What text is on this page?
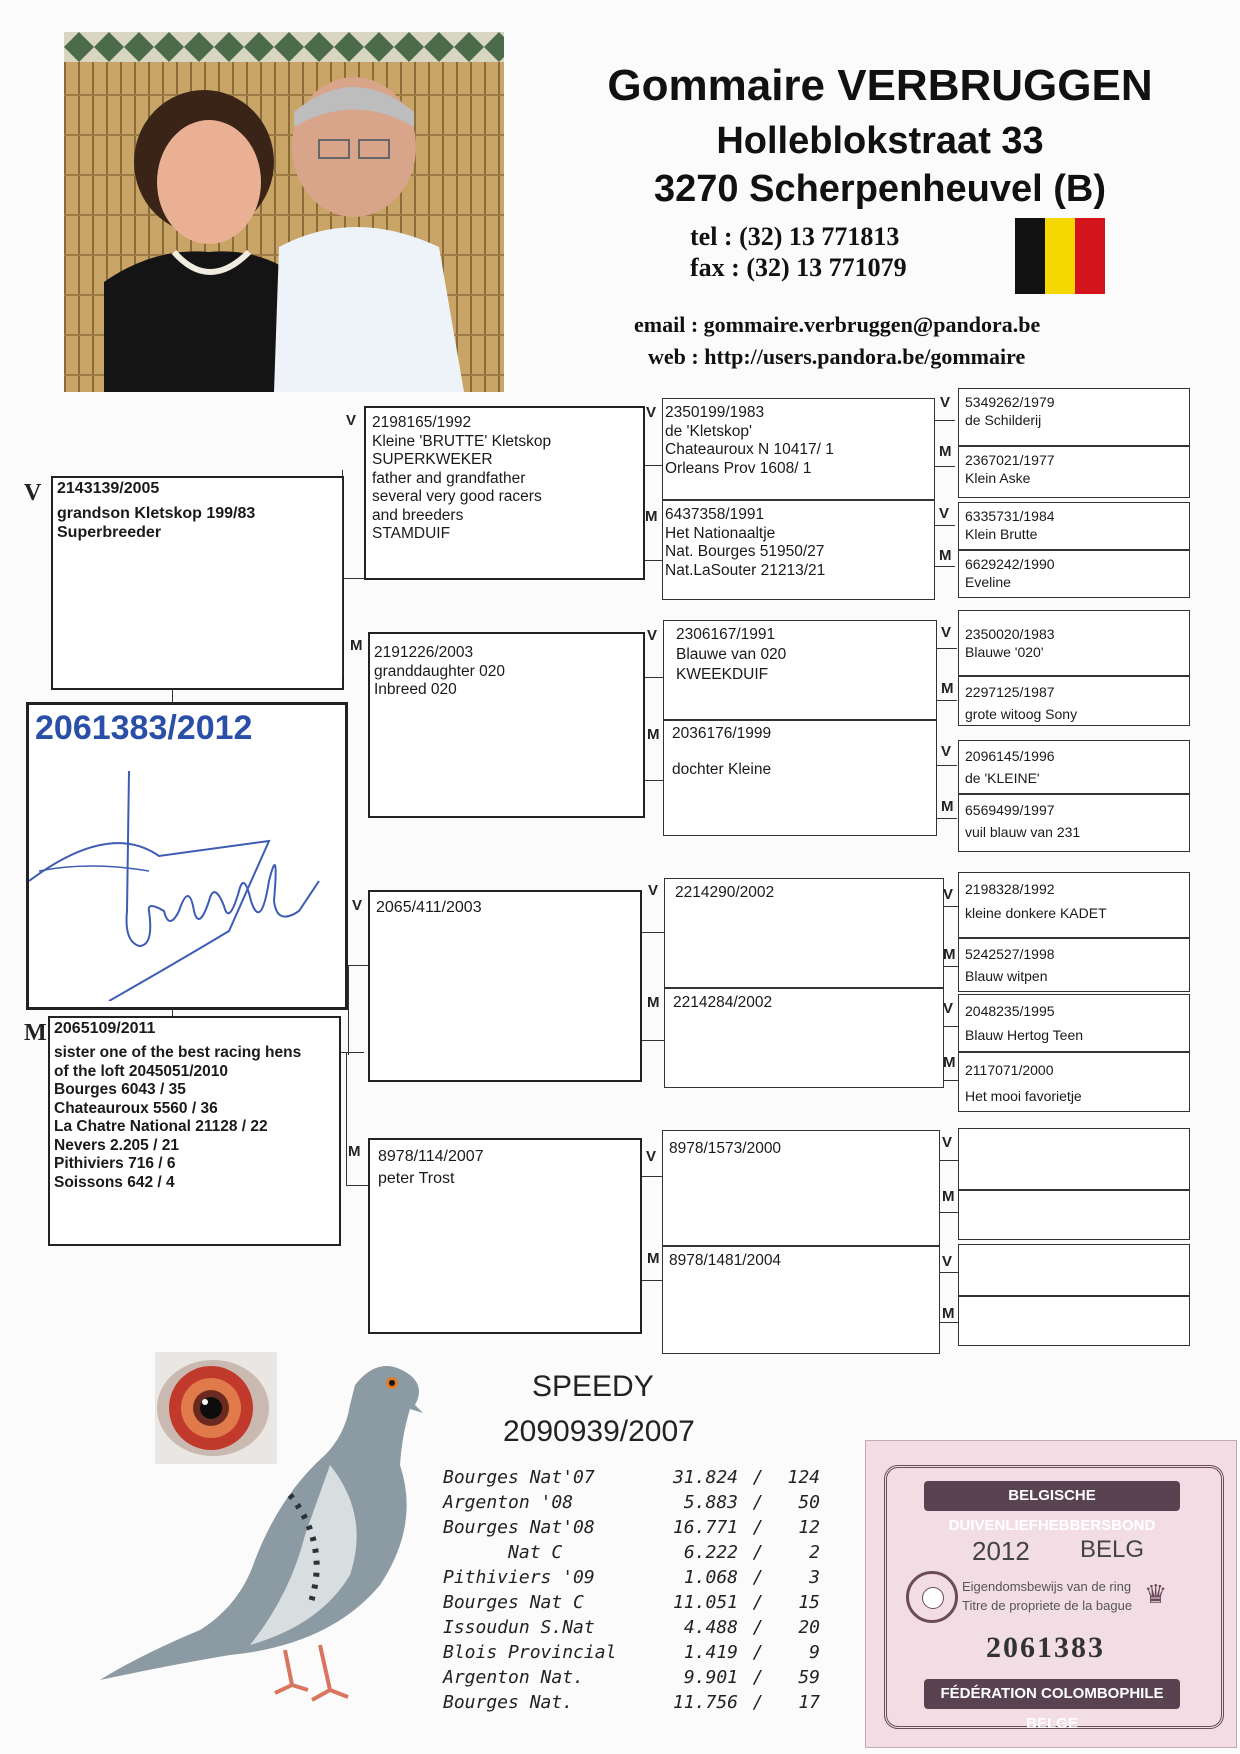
Gommaire VERBRUGGEN
Holleblokstraat 33
3270 Scherpenheuvel (B)
tel : (32) 13 771813
fax : (32) 13 771079
email : gommaire.verbruggen@pandora.be
web : http://users.pandora.be/gommaire
V 2143139/2005
grandson Kletskop 199/83
Superbreeder
2061383/2012
M 2065109/2011
sister one of the best racing hens
of the loft 2045051/2010
Bourges 6043 / 35
Chateauroux 5560 / 36
La Chatre National 21128 / 22
Nevers 2.205 / 21
Pithiviers 716 / 6
Soissons 642 / 4
V	2198165/1992
Kleine 'BRUTTE' Kletskop
SUPERKWEKER
father and grandfather
several very good racers
and breeders
STAMDUIF
M 2191226/2003
granddaughter 020
Inbreed 020
V 2065/411/2003
M	8978/114/2007
peter Trost
V 2350199/1983
de 'Kletskop'
Chateauroux N 10417/ 1
Orleans Prov 1608/ 1
M 6437358/1991
Het Nationaaltje
Nat. Bourges 51950/27
Nat.LaSouter 21213/21
V	2306167/1991
Blauwe van 020
KWEEKDUIF
M 2036176/1999

dochter Kleine
V	2214290/2002
M 2214284/2002
V 8978/1573/2000
M 8978/1481/2004
V	5349262/1979
de Schilderij
M 2367021/1977
Klein Aske
V	6335731/1984
Klein Brutte
M 6629242/1990
Eveline
V 2350020/1983
Blauwe '020'
M 2297125/1987
grote witoog Sony
V 2096145/1996
de 'KLEINE'
M 6569499/1997
vuil blauw van 231
V 2198328/1992
kleine donkere KADET
M 5242527/1998
Blauw witpen
V 2048235/1995
Blauw Hertog Teen
M 2117071/2000
Het mooi favorietje
V
M
V
M
SPEEDY
2090939/2007
Bourges Nat'07	31.824 /	124
Argenton '08	5.883 /	50
Bourges Nat'08	16.771 /	12
Nat C	6.222 /	2
Pithiviers '09	1.068 /	3
Bourges Nat C	11.051 /	15
Issoudun S.Nat	4.488 /	20
Blois Provincial	1.419 /	9
Argenton Nat.	9.901 /	59
Bourges Nat.	11.756 /	17
BELGISCHE DUIVENLIEFHEBBERSBOND
2012 BELG
Eigendomsbewijs van de ring
Titre de propriete de la bague ♛
2061383
FÉDÉRATION COLOMBOPHILE BELGE
